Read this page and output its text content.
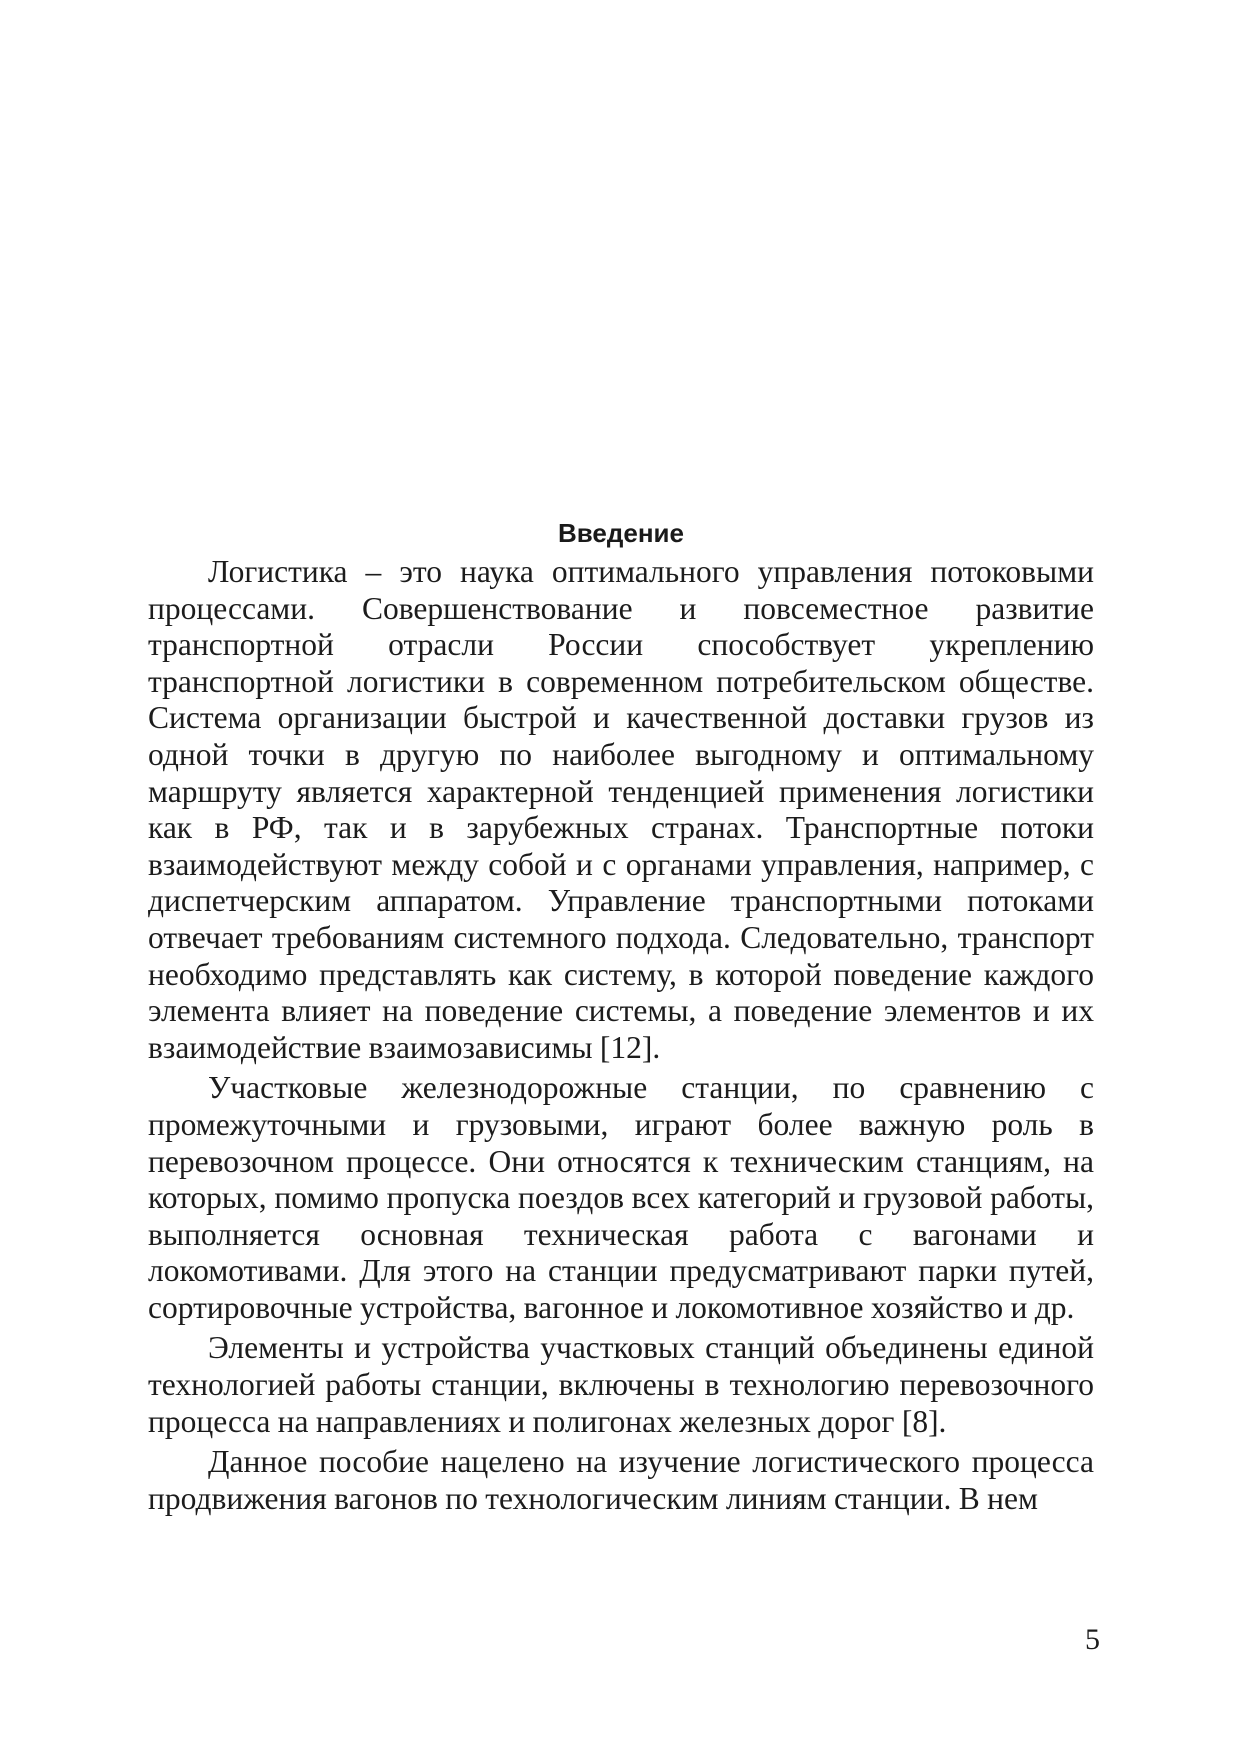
Введение

Логистика – это наука оптимального управления потоковыми процессами. Совершенствование и повсеместное развитие транспортной отрасли России способствует укреплению транспортной логистики в современном потребительском обществе. Система организации быстрой и качественной доставки грузов из одной точки в другую по наиболее выгодному и оптимальному маршруту является характерной тенденцией применения логистики как в РФ, так и в зарубежных странах. Транспортные потоки взаимодействуют между собой и с органами управления, например, с диспетчерским аппаратом. Управление транспортными потоками отвечает требованиям системного подхода. Следовательно, транспорт необходимо представлять как систему, в которой поведение каждого элемента влияет на поведение системы, а поведение элементов и их взаимодействие взаимозависимы [12].

Участковые железнодорожные станции, по сравнению с промежуточными и грузовыми, играют более важную роль в перевозочном процессе. Они относятся к техническим станциям, на которых, помимо пропуска поездов всех категорий и грузовой работы, выполняется основная техническая работа с вагонами и локомотивами. Для этого на станции предусматривают парки путей, сортировочные устройства, вагонное и локомотивное хозяйство и др.

Элементы и устройства участковых станций объединены единой технологией работы станции, включены в технологию перевозочного процесса на направлениях и полигонах железных дорог [8].

Данное пособие нацелено на изучение логистического процесса продвижения вагонов по технологическим линиям станции. В нем

5
